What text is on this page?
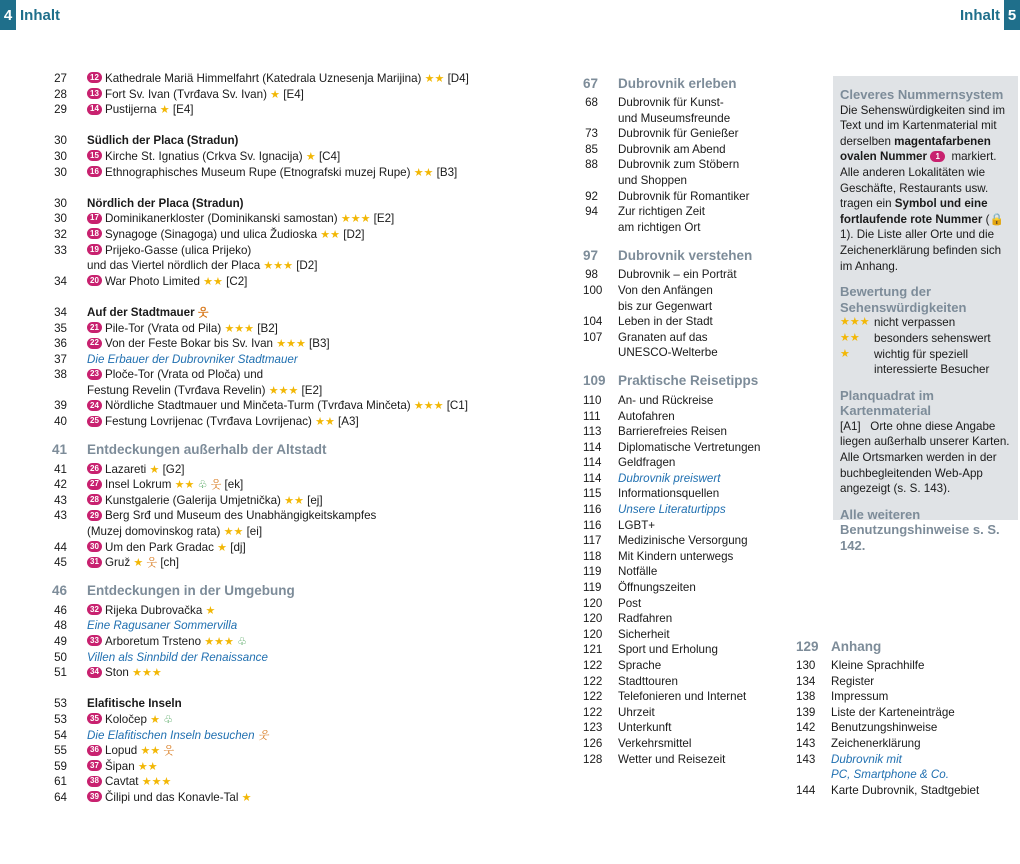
4 Inhalt	Inhalt 5
27	12 Kathedrale Mariä Himmelfahrt (Katedrala Uznesenja Marijina) ★★ [D4]
28	13 Fort Sv. Ivan (Tvrđava Sv. Ivan) ★ [E4]
29	14 Pustijerna ★ [E4]
30 Südlich der Placa (Stradun)
30	15 Kirche St. Ignatius (Crkva Sv. Ignacija) ★ [C4]
30	16 Ethnographisches Museum Rupe (Etnografski muzej Rupe) ★★ [B3]
30 Nördlich der Placa (Stradun)
30	17 Dominikanerkloster (Dominikanski samostan) ★★★ [E2]
32	18 Synagoge (Sinagoga) und ulica Žudioska ★★ [D2]
33	19 Prijeko-Gasse (ulica Prijeko)
und das Viertel nördlich der Placa ★★★ [D2]
34	20 War Photo Limited ★★ [C2]
34 Auf der Stadtmauer 웃
35	21 Pile-Tor (Vrata od Pila) ★★★ [B2]
36	22 Von der Feste Bokar bis Sv. Ivan ★★★ [B3]
37 Die Erbauer der Dubrovniker Stadtmauer
38	23 Ploče-Tor (Vrata od Ploča) und
Festung Revelin (Tvrđava Revelin) ★★★ [E2]
39	24 Nördliche Stadtmauer und Minčeta-Turm (Tvrđava Minčeta) ★★★ [C1]
40	25 Festung Lovrijenac (Tvrđava Lovrijenac) ★★ [A3]
41 Entdeckungen außerhalb der Altstadt
41	26 Lazareti ★ [G2]
42	27 Insel Lokrum ★★ ♧ 웃 [ek]
43	28 Kunstgalerie (Galerija Umjetnička) ★★ [ej]
43	29 Berg Srđ und Museum des Unabhängigkeitskampfes
(Muzej domovinskog rata) ★★ [ei]
44	30 Um den Park Gradac ★ [dj]
45	31 Gruž ★ 웃 [ch]
46 Entdeckungen in der Umgebung
46	32 Rijeka Dubrovačka ★
48 Eine Ragusaner Sommervilla
49	33 Arboretum Trsteno ★★★ ♧
50 Villen als Sinnbild der Renaissance
51	34 Ston ★★★
53 Elafitische Inseln
53	35 Koločep ★ ♧
54 Die Elafitischen Inseln besuchen 웃
55	36 Lopud ★★ 웃
59	37 Šipan ★★
61	38 Cavtat ★★★
64	39 Čilipi und das Konavle-Tal ★
67 Dubrovnik erleben
68 Dubrovnik für Kunst-
und Museumsfreunde
73 Dubrovnik für Genießer
85 Dubrovnik am Abend
88 Dubrovnik zum Stöbern
und Shoppen
92 Dubrovnik für Romantiker
94 Zur richtigen Zeit
am richtigen Ort
97 Dubrovnik verstehen
98 Dubrovnik – ein Porträt
100 Von den Anfängen
bis zur Gegenwart
104 Leben in der Stadt
107 Granaten auf das
UNESCO-Welterbe
109 Praktische Reisetipps
110 An- und Rückreise
111 Autofahren
113 Barrierefreies Reisen
114 Diplomatische Vertretungen
114 Geldfragen
114 Dubrovnik preiswert
115 Informationsquellen
116 Unsere Literaturtipps
116 LGBT+
117 Medizinische Versorgung
118 Mit Kindern unterwegs
119 Notfälle
119 Öffnungszeiten
120 Post
120 Radfahren
120 Sicherheit
121 Sport und Erholung
122 Sprache
122 Stadttouren
122 Telefonieren und Internet
122 Uhrzeit
123 Unterkunft
126 Verkehrsmittel
128 Wetter und Reisezeit
129 Anhang
130 Kleine Sprachhilfe
134 Register
138 Impressum
139 Liste der Karteneinträge
142 Benutzungshinweise
143 Zeichenerklärung
143 Dubrovnik mit
PC, Smartphone & Co.
144 Karte Dubrovnik, Stadtgebiet
Cleveres Nummernsystem

Die Sehenswürdigkeiten sind im Text und im Kartenmaterial mit derselben magentafarbenen ovalen Nummer 1 markiert. Alle anderen Lokalitäten wie Geschäfte, Restaurants usw. tragen ein Symbol und eine fortlaufende rote Nummer (🔒1). Die Liste aller Orte und die Zeichenerklärung befinden sich im Anhang.

Bewertung der Sehenswürdigkeiten
★★★ nicht verpassen
★★	besonders sehenswert
★	wichtig für speziell interessierte Besucher
Planquadrat im Kartenmaterial

[A1] Orte ohne diese Angabe liegen außerhalb unserer Karten. Alle Ortsmarken werden in der buchbegleitenden Web-App angezeigt (s. S. 143).

Alle weiteren Benutzungshinweise s. S. 142.
